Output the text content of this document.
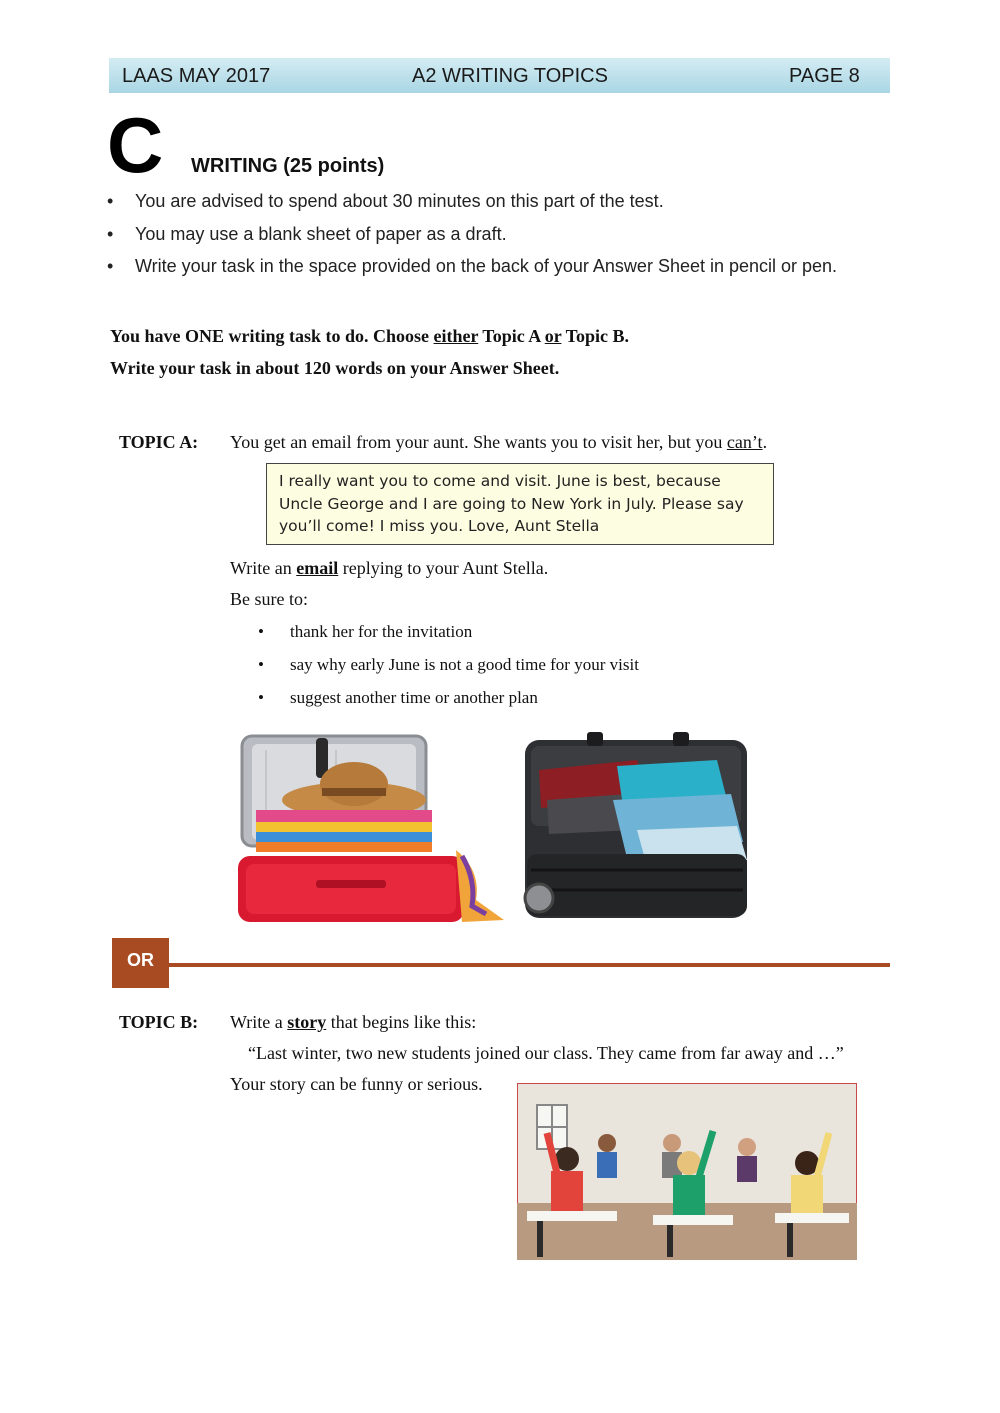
LAAS MAY 2017	A2 WRITING TOPICS	PAGE 8
C WRITING (25 points)
• You are advised to spend about 30 minutes on this part of the test.
• You may use a blank sheet of paper as a draft.
• Write your task in the space provided on the back of your Answer Sheet in pencil or pen.
You have ONE writing task to do. Choose either Topic A or Topic B.
Write your task in about 120 words on your Answer Sheet.
TOPIC A: You get an email from your aunt. She wants you to visit her, but you can’t.
I really want you to come and visit. June is best, because Uncle George and I are going to New York in July. Please say you’ll come! I miss you. Love, Aunt Stella
Write an email replying to your Aunt Stella.
Be sure to:
• thank her for the invitation
• say why early June is not a good time for your visit
• suggest another time or another plan
OR
TOPIC B: Write a story that begins like this:
“Last winter, two new students joined our class. They came from far away and …”
Your story can be funny or serious.
